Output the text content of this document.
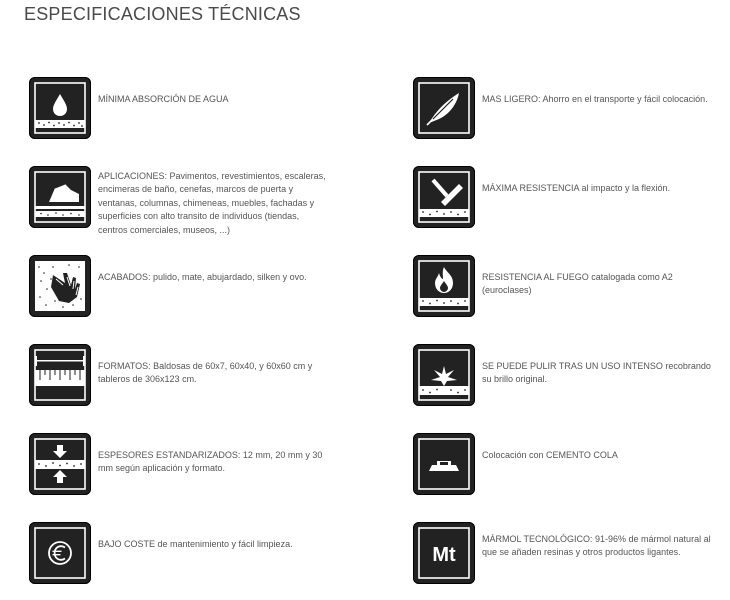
ESPECIFICACIONES TÉCNICAS
MÍNIMA ABSORCIÓN DE AGUA	MAS LIGERO: Ahorro en el transporte y fácil colocación.
APLICACIONES: Pavimentos, revestimientos, escaleras, encimeras de baño, cenefas, marcos de puerta y ventanas, columnas, chimeneas, muebles, fachadas y superficies con alto transito de individuos (tiendas, centros comerciales, museos, ...)
MÁXIMA RESISTENCIA al impacto y la flexión.
ACABADOS: pulido, mate, abujardado, silken y ovo.	RESISTENCIA AL FUEGO catalogada como A2 (euroclases)
FORMATOS: Baldosas de 60x7, 60x40, y 60x60 cm y tableros de 306x123 cm.
SE PUEDE PULIR TRAS UN USO INTENSO recobrando su brillo original.
ESPESORES ESTANDARIZADOS: 12 mm, 20 mm y 30 mm según aplicación y formato.
Colocación con CEMENTO COLA
BAJO COSTE de mantenimiento y fácil limpieza.	Mt
MÁRMOL TECNOLÓGICO: 91-96% de mármol natural al que se añaden resinas y otros productos ligantes.
